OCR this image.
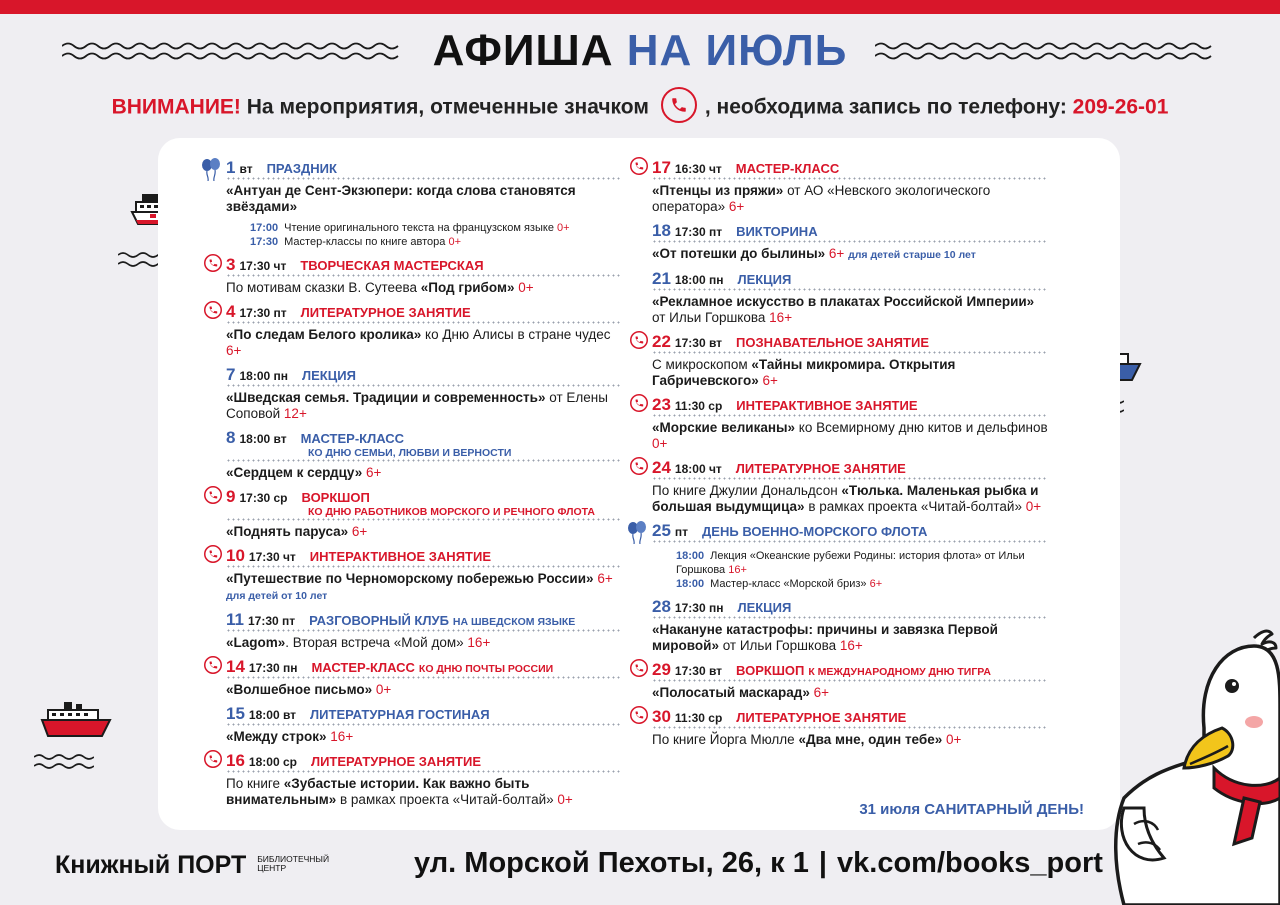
АФИША НА ИЮЛЬ
ВНИМАНИЕ! На мероприятия, отмеченные значком	, необходима запись по телефону: 209-26-01
1 вт ПРАЗДНИК
«Антуан де Сент-Экзюпери: когда слова становятся звёздами»
17:00 Чтение оригинального текста на французском языке 0+
17:30 Мастер-классы по книге автора 0+
3 17:30 чт ТВОРЧЕСКАЯ МАСТЕРСКАЯ
По мотивам сказки В. Сутеева «Под грибом» 0+
4 17:30 пт ЛИТЕРАТУРНОЕ ЗАНЯТИЕ
«По следам Белого кролика» ко Дню Алисы в стране чудес 6+
7 18:00 пн ЛЕКЦИЯ
«Шведская семья. Традиции и современность» от Елены Соповой 12+
8 18:00 вт МАСТЕР-КЛАСС
КО ДНЮ СЕМЬИ, ЛЮБВИ И ВЕРНОСТИ
«Сердцем к сердцу» 6+
9 17:30 ср ВОРКШОП
КО ДНЮ РАБОТНИКОВ МОРСКОГО И РЕЧНОГО ФЛОТА
«Поднять паруса» 6+
10 17:30 чт ИНТЕРАКТИВНОЕ ЗАНЯТИЕ
«Путешествие по Черноморскому побережью России» 6+ для детей от 10 лет
11 17:30 пт РАЗГОВОРНЫЙ КЛУБ НА ШВЕДСКОМ ЯЗЫКЕ
«Lagom». Вторая встреча «Мой дом» 16+
14 17:30 пн МАСТЕР-КЛАСС КО ДНЮ ПОЧТЫ РОССИИ
«Волшебное письмо» 0+
15 18:00 вт ЛИТЕРАТУРНАЯ ГОСТИНАЯ
«Между строк» 16+
16 18:00 ср ЛИТЕРАТУРНОЕ ЗАНЯТИЕ
По книге «Зубастые истории. Как важно быть внимательным» в рамках проекта «Читай-болтай» 0+
17 16:30 чт МАСТЕР-КЛАСС
«Птенцы из пряжи» от АО «Невского экологического оператора» 6+
18 17:30 пт ВИКТОРИНА
«От потешки до былины» 6+ для детей старше 10 лет
21 18:00 пн ЛЕКЦИЯ
«Рекламное искусство в плакатах Российской Империи» от Ильи Горшкова 16+
22 17:30 вт ПОЗНАВАТЕЛЬНОЕ ЗАНЯТИЕ
С микроскопом «Тайны микромира. Открытия Габричевского» 6+
23 11:30 ср ИНТЕРАКТИВНОЕ ЗАНЯТИЕ
«Морские великаны» ко Всемирному дню китов и дельфинов 0+
24 18:00 чт ЛИТЕРАТУРНОЕ ЗАНЯТИЕ
По книге Джулии Дональдсон «Тюлька. Маленькая рыбка и большая выдумщица» в рамках проекта «Читай-болтай» 0+
25 пт ДЕНЬ ВОЕННО-МОРСКОГО ФЛОТА
18:00 Лекция «Океанские рубежи Родины: история флота» от Ильи Горшкова 16+
18:00 Мастер-класс «Морской бриз» 6+
28 17:30 пн ЛЕКЦИЯ
«Накануне катастрофы: причины и завязка Первой мировой» от Ильи Горшкова 16+
29 17:30 вт ВОРКШОП К МЕЖДУНАРОДНОМУ ДНЮ ТИГРА
«Полосатый маскарад» 6+
30 11:30 ср ЛИТЕРАТУРНОЕ ЗАНЯТИЕ
По книге Йорга Мюлле «Два мне, один тебе» 0+
31 июля САНИТАРНЫЙ ДЕНЬ!
Книжный ПОРТ БИБЛИОТЕЧНЫЙ
ЦЕНТР	ул. Морской Пехоты, 26, к 1 | vk.com/books_port
